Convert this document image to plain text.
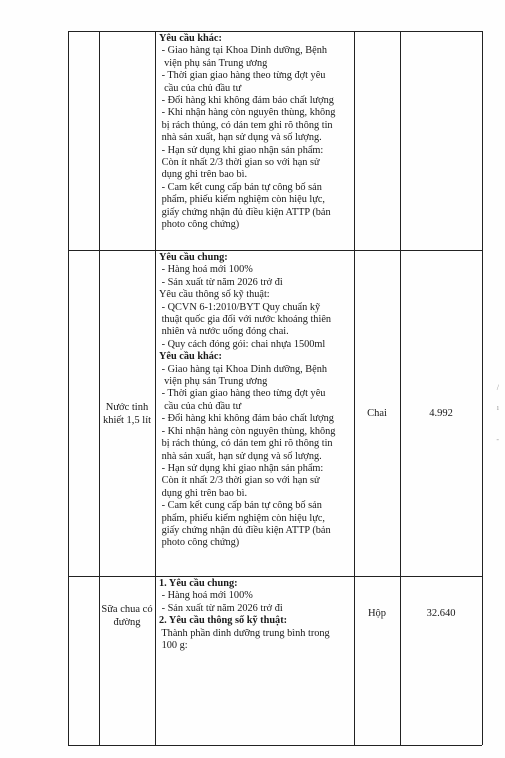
/
ı
-
Yêu cầu khác:
- Giao hàng tại Khoa Dinh dưỡng, Bệnh
viện phụ sản Trung ương
- Thời gian giao hàng theo từng đợt yêu
cầu của chủ đầu tư
- Đổi hàng khi không đảm bảo chất lượng
- Khi nhận hàng còn nguyên thùng, không
bị rách thủng, có dán tem ghi rõ thông tin
nhà sản xuất, hạn sử dụng và số lượng.
- Hạn sử dụng khi giao nhận sản phẩm:
Còn ít nhất 2/3 thời gian so với hạn sử
dụng ghi trên bao bì.
- Cam kết cung cấp bản tự công bố sản
phẩm, phiếu kiểm nghiệm còn hiệu lực,
giấy chứng nhận đủ điều kiện ATTP (bản
photo công chứng)
Nước tinh khiết 1,5 lít
Chai	4.992
Yêu cầu chung:
- Hàng hoá mới 100%
- Sản xuất từ năm 2026 trở đi
Yêu cầu thông số kỹ thuật:
- QCVN 6-1:2010/BYT Quy chuẩn kỹ
thuật quốc gia đối với nước khoáng thiên
nhiên và nước uống đóng chai.
- Quy cách đóng gói: chai nhựa 1500ml
Yêu cầu khác:
- Giao hàng tại Khoa Dinh dưỡng, Bệnh
viện phụ sản Trung ương
- Thời gian giao hàng theo từng đợt yêu
cầu của chủ đầu tư
- Đổi hàng khi không đảm bảo chất lượng
- Khi nhận hàng còn nguyên thùng, không
bị rách thủng, có dán tem ghi rõ thông tin
nhà sản xuất, hạn sử dụng và số lượng.
- Hạn sử dụng khi giao nhận sản phẩm:
Còn ít nhất 2/3 thời gian so với hạn sử
dụng ghi trên bao bì.
- Cam kết cung cấp bản tự công bố sản
phẩm, phiếu kiểm nghiệm còn hiệu lực,
giấy chứng nhận đủ điều kiện ATTP (bản
photo công chứng)
Sữa chua có đường
Hộp	32.640
1. Yêu cầu chung:
- Hàng hoá mới 100%
- Sản xuất từ năm 2026 trở đi
2. Yêu cầu thông số kỹ thuật:
Thành phần dinh dưỡng trung bình trong
100 g:
